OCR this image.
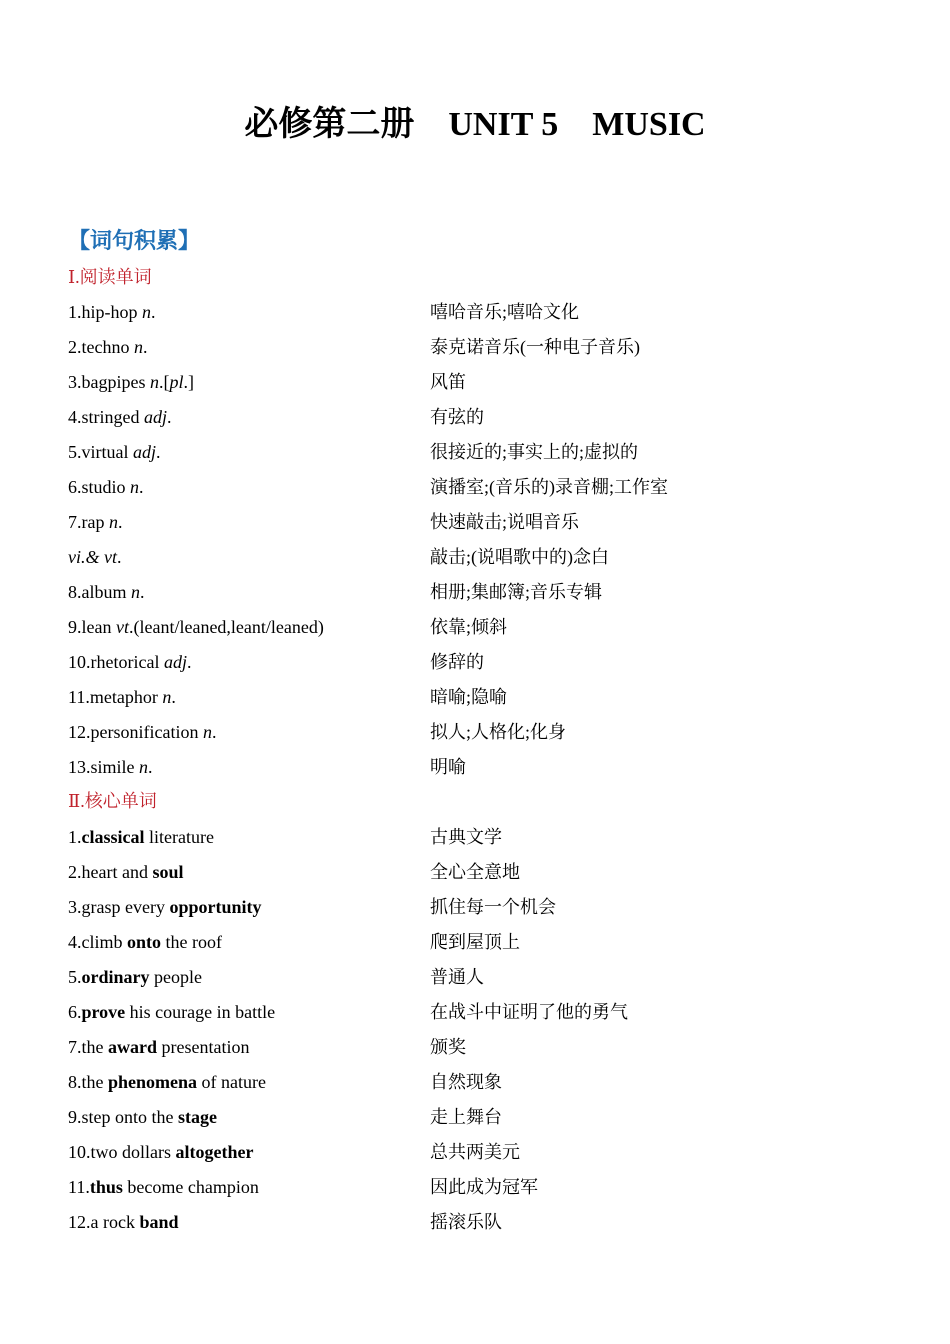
必修第二册    UNIT 5    MUSIC
【词句积累】
Ⅰ.阅读单词
1.hip-hop n.	嘻哈音乐;嘻哈文化
2.techno n.	泰克诺音乐(一种电子音乐)
3.bagpipes n.[pl.]	风笛
4.stringed adj.	有弦的
5.virtual adj.	很接近的;事实上的;虚拟的
6.studio n.	演播室;(音乐的)录音棚;工作室
7.rap n.	快速敲击;说唱音乐
vi.& vt.	敲击;(说唱歌中的)念白
8.album n.	相册;集邮簿;音乐专辑
9.lean vt.(leant/leaned,leant/leaned)	依靠;倾斜
10.rhetorical adj.	修辞的
11.metaphor n.	暗喻;隐喻
12.personification n.	拟人;人格化;化身
13.simile n.	明喻
Ⅱ.核心单词
1.classical literature	古典文学
2.heart and soul	全心全意地
3.grasp every opportunity	抓住每一个机会
4.climb onto the roof	爬到屋顶上
5.ordinary people	普通人
6.prove his courage in battle	在战斗中证明了他的勇气
7.the award presentation	颁奖
8.the phenomena of nature	自然现象
9.step onto the stage	走上舞台
10.two dollars altogether	总共两美元
11.thus become champion	因此成为冠军
12.a rock band	摇滚乐队
